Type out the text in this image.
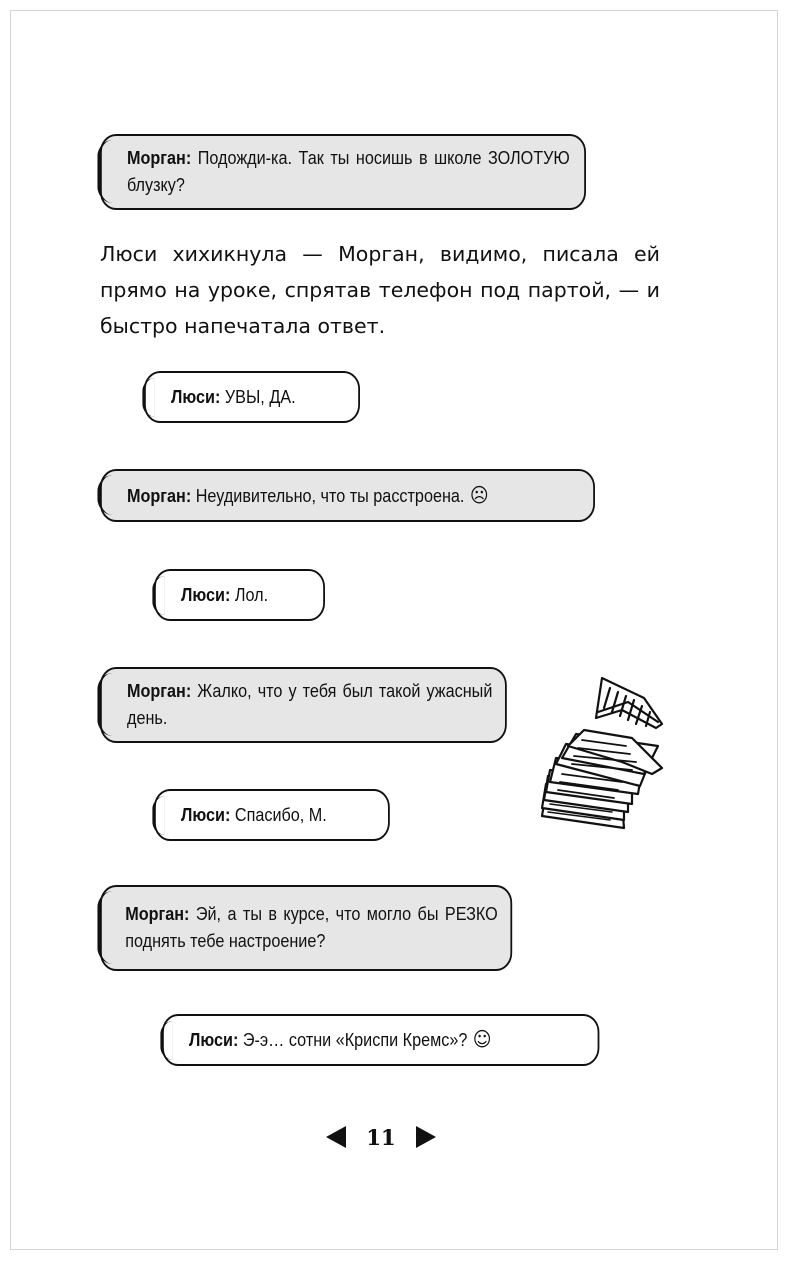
Морган: Подожди-ка. Так ты носишь в школе ЗОЛОТУЮ блузку?

Люси хихикнула — Морган, видимо, писала ей прямо на уроке, спрятав телефон под партой, — и быстро напечатала ответ.

Люси: УВЫ, ДА.
Морган: Неудивительно, что ты расстроена. ☹
Люси: Лол.
Морган: Жалко, что у тебя был такой ужасный день.
Люси: Спасибо, М.
Морган: Эй, а ты в курсе, что могло бы РЕЗКО поднять тебе настроение?
Люси: Э-э… сотни «Криспи Кремс»? ☺
11
